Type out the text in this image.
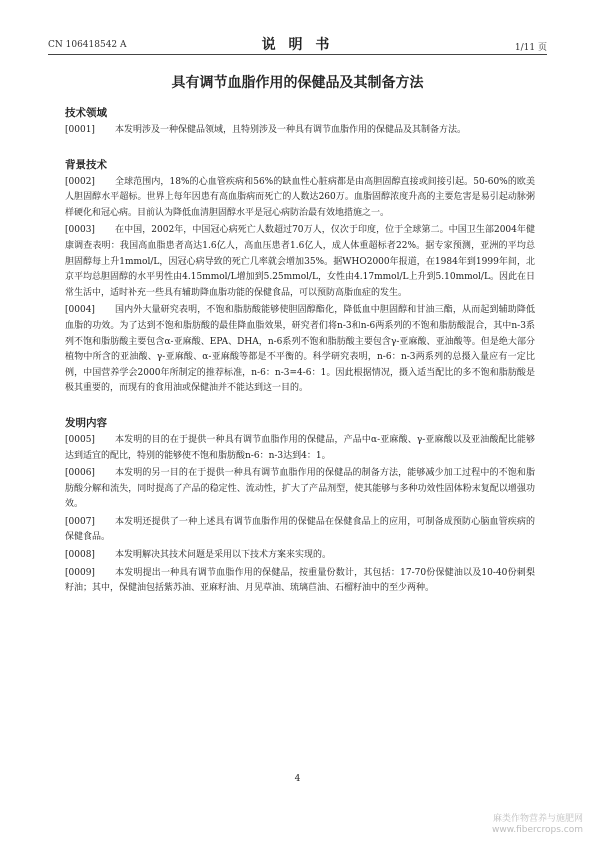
CN 106418542 A	说 明 书	1/11 页
具有调节血脂作用的保健品及其制备方法
技术领域
[0001]	本发明涉及一种保健品领域，且特别涉及一种具有调节血脂作用的保健品及其制备方法。
背景技术
[0002]	全球范围内，18%的心血管疾病和56%的缺血性心脏病都是由高胆固醇直接或间接引起。50-60%的欧美人胆固醇水平超标。世界上每年因患有高血脂病而死亡的人数达260万。血脂固醇浓度升高的主要危害是易引起动脉粥样硬化和冠心病。目前认为降低血清胆固醇水平是冠心病防治最有效地措施之一。
[0003]	在中国，2002年，中国冠心病死亡人数超过70万人，仅次于印度，位于全球第二。中国卫生部2004年健康调查表明：我国高血脂患者高达1.6亿人，高血压患者1.6亿人，成人体重超标者22%。据专家预测，亚洲的平均总胆固醇每上升1mmol/L，因冠心病导致的死亡几率就会增加35%。据WHO2000年报道，在1984年到1999年间，北京平均总胆固醇的水平男性由4.15mmol/L增加到5.25mmol/L，女性由4.17mmol/L上升到5.10mmol/L。因此在日常生活中，适时补充一些具有辅助降血脂功能的保健食品，可以预防高脂血症的发生。
[0004]	国内外大量研究表明，不饱和脂肪酸能够使胆固醇酯化，降低血中胆固醇和甘油三酯，从而起到辅助降低血脂的功效。为了达到不饱和脂肪酸的最佳降血脂效果，研究者们将n-3和n-6两系列的不饱和脂肪酸混合，其中n-3系列不饱和脂肪酸主要包含α-亚麻酸、EPA、DHA，n-6系列不饱和脂肪酸主要包含γ-亚麻酸、亚油酸等。但是绝大部分植物中所含的亚油酸、γ-亚麻酸、α-亚麻酸等都是不平衡的。科学研究表明，n-6：n-3两系列的总摄入量应有一定比例，中国营养学会2000年所制定的推荐标准，n-6：n-3=4-6：1。因此根据情况，摄入适当配比的多不饱和脂肪酸是极其重要的，而现有的食用油或保健油并不能达到这一目的。
发明内容
[0005]	本发明的目的在于提供一种具有调节血脂作用的保健品，产品中α-亚麻酸、γ-亚麻酸以及亚油酸配比能够达到适宜的配比，特别的能够使不饱和脂肪酸n-6：n-3达到4：1。
[0006]	本发明的另一目的在于提供一种具有调节血脂作用的保健品的制备方法，能够减少加工过程中的不饱和脂肪酸分解和流失，同时提高了产品的稳定性、流动性，扩大了产品剂型，使其能够与多种功效性固体粉末复配以增强功效。
[0007]	本发明还提供了一种上述具有调节血脂作用的保健品在保健食品上的应用，可制备成预防心脑血管疾病的保健食品。
[0008]	本发明解决其技术问题是采用以下技术方案来实现的。
[0009]	本发明提出一种具有调节血脂作用的保健品，按重量份数计，其包括：17-70份保健油以及10-40份刺梨籽油；其中，保健油包括紫苏油、亚麻籽油、月见草油、琉璃苣油、石榴籽油中的至少两种。
4
麻类作物营养与施肥网
www.fibercrops.com
